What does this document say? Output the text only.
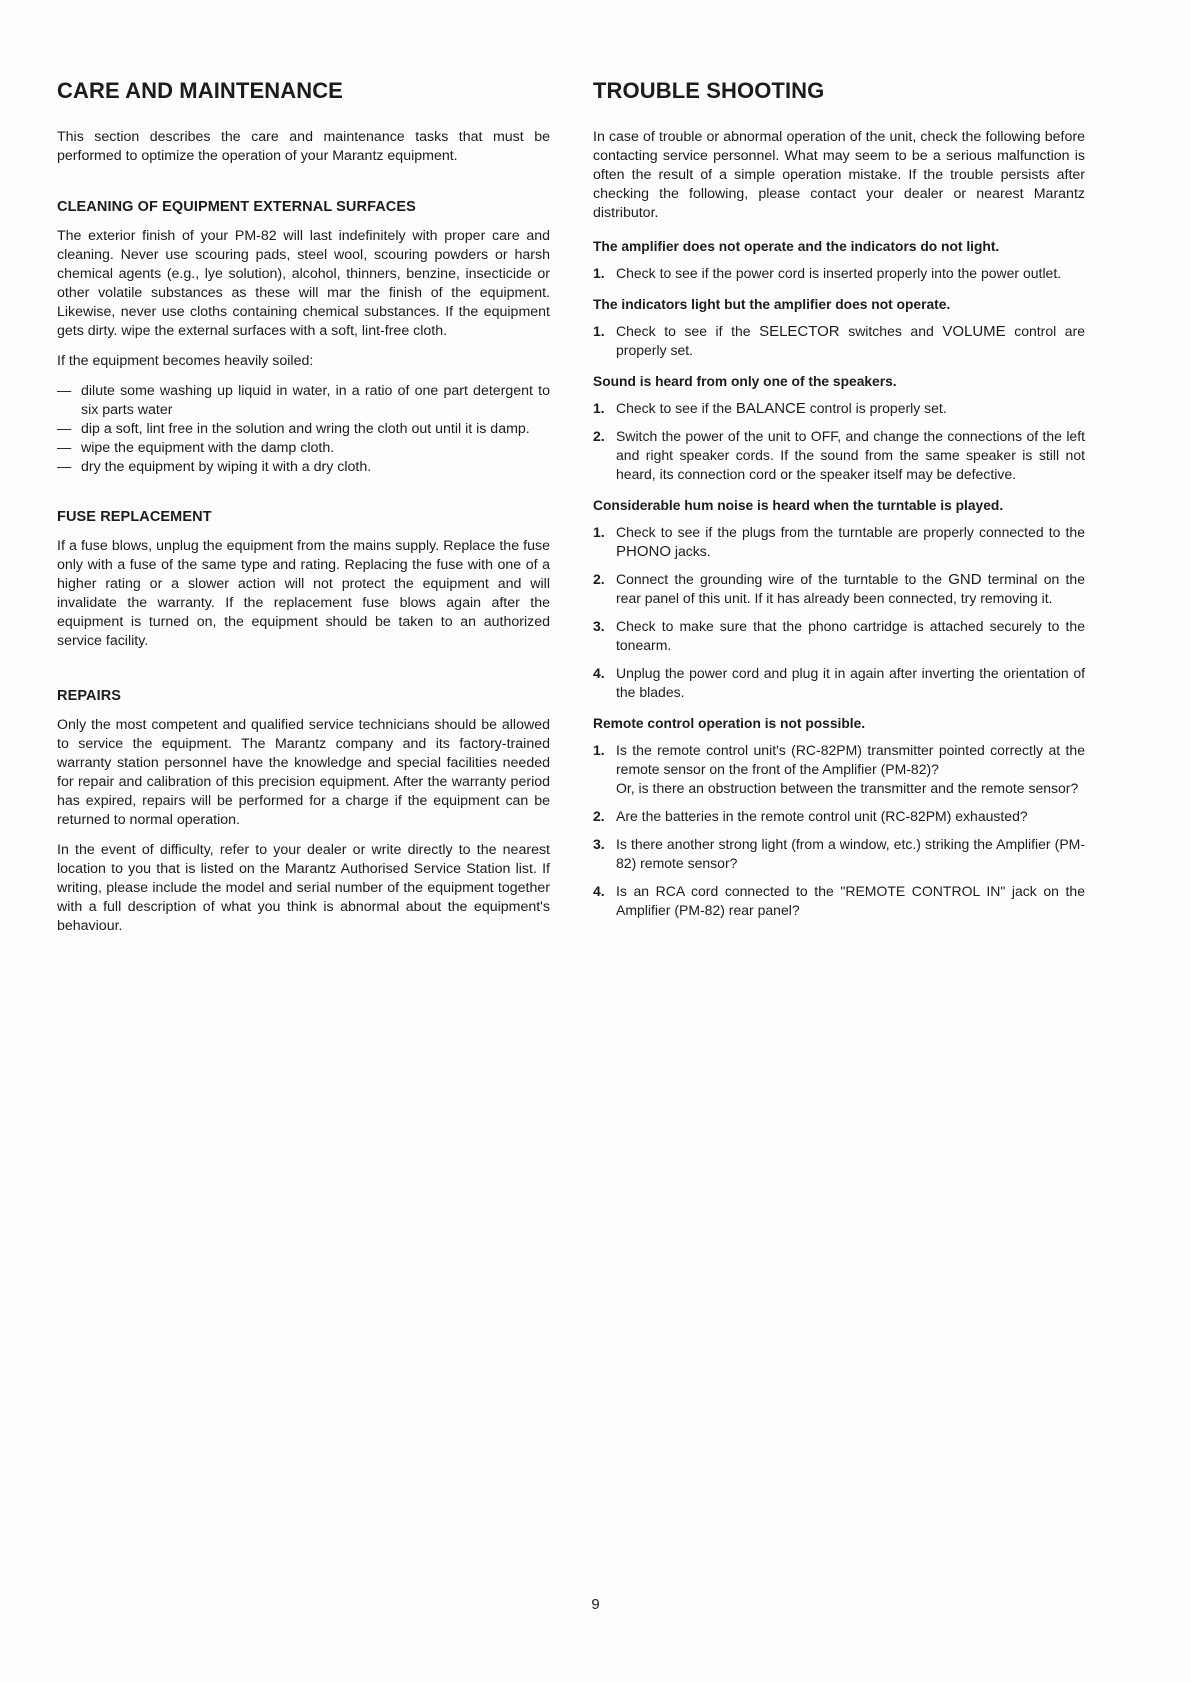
CARE AND MAINTENANCE

This section describes the care and maintenance tasks that must be performed to optimize the operation of your Marantz equipment.

CLEANING OF EQUIPMENT EXTERNAL SURFACES

The exterior finish of your PM-82 will last indefinitely with proper care and cleaning. Never use scouring pads, steel wool, scouring powders or harsh chemical agents (e.g., lye solution), alcohol, thinners, benzine, insecticide or other volatile substances as these will mar the finish of the equipment. Likewise, never use cloths containing chemical substances. If the equipment gets dirty. wipe the external surfaces with a soft, lint-free cloth.

If the equipment becomes heavily soiled:

— dilute some washing up liquid in water, in a ratio of one part detergent to six parts water
— dip a soft, lint free in the solution and wring the cloth out until it is damp.
— wipe the equipment with the damp cloth.
— dry the equipment by wiping it with a dry cloth.
FUSE REPLACEMENT

If a fuse blows, unplug the equipment from the mains supply. Replace the fuse only with a fuse of the same type and rating. Replacing the fuse with one of a higher rating or a slower action will not protect the equipment and will invalidate the warranty. If the replacement fuse blows again after the equipment is turned on, the equipment should be taken to an authorized service facility.

REPAIRS

Only the most competent and qualified service technicians should be allowed to service the equipment. The Marantz company and its factory-trained warranty station personnel have the knowledge and special facilities needed for repair and calibration of this precision equipment. After the warranty period has expired, repairs will be performed for a charge if the equipment can be returned to normal operation.

In the event of difficulty, refer to your dealer or write directly to the nearest location to you that is listed on the Marantz Authorised Service Station list. If writing, please include the model and serial number of the equipment together with a full description of what you think is abnormal about the equipment's behaviour.

TROUBLE SHOOTING

In case of trouble or abnormal operation of the unit, check the following before contacting service personnel. What may seem to be a serious malfunction is often the result of a simple operation mistake. If the trouble persists after checking the following, please contact your dealer or nearest Marantz distributor.

The amplifier does not operate and the indicators do not light.
1. Check to see if the power cord is inserted properly into the power outlet.
The indicators light but the amplifier does not operate.
1. Check to see if the SELECTOR switches and VOLUME control are properly set.
Sound is heard from only one of the speakers.
1. Check to see if the BALANCE control is properly set.
2. Switch the power of the unit to OFF, and change the connections of the left and right speaker cords. If the sound from the same speaker is still not heard, its connection cord or the speaker itself may be defective.
Considerable hum noise is heard when the turntable is played.
1. Check to see if the plugs from the turntable are properly connected to the PHONO jacks.
2. Connect the grounding wire of the turntable to the GND terminal on the rear panel of this unit. If it has already been connected, try removing it.
3. Check to make sure that the phono cartridge is attached securely to the tonearm.
4. Unplug the power cord and plug it in again after inverting the orientation of the blades.
Remote control operation is not possible.
1. Is the remote control unit's (RC-82PM) transmitter pointed correctly at the remote sensor on the front of the Amplifier (PM-82)?
Or, is there an obstruction between the transmitter and the remote sensor?
2. Are the batteries in the remote control unit (RC-82PM) exhausted?
3. Is there another strong light (from a window, etc.) striking the Amplifier (PM-82) remote sensor?
4. Is an RCA cord connected to the "REMOTE CONTROL IN" jack on the Amplifier (PM-82) rear panel?
9
